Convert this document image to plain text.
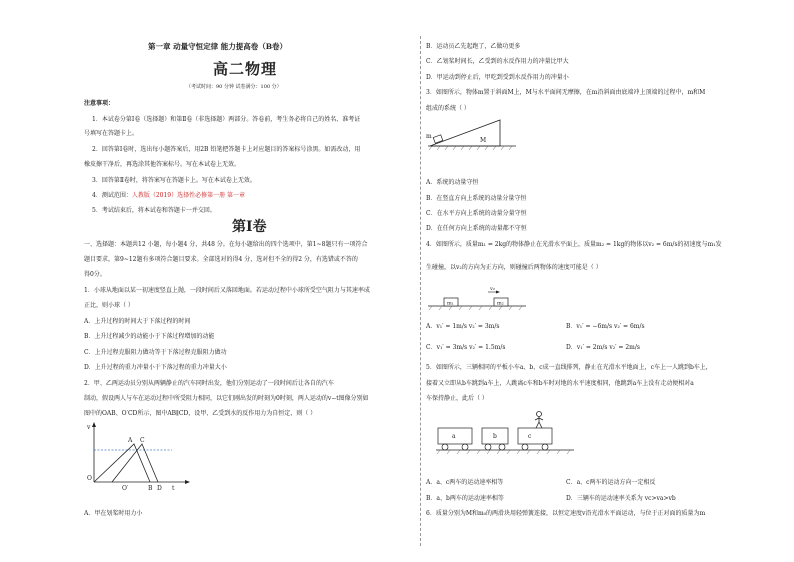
第一章 动量守恒定律 能力提高卷（B卷）
高二物理
（考试时间：90 分钟 试卷满分：100 分）
注意事项：
1．本试卷分第Ⅰ卷（选择题）和第Ⅱ卷（非选择题）两部分。答卷前，考生务必将自己的姓名、准考证
号填写在答题卡上。
2．回答第Ⅰ卷时，选出每小题答案后，用2B 铅笔把答题卡上对应题目的答案标号涂黑。如需改动，用
橡皮擦干净后，再选涂其他答案标号。写在本试卷上无效。
3．回答第Ⅱ卷时，将答案写在答题卡上。写在本试卷上无效。
4．测试范围：人教版（2019）选择性必修第一册 第一章
5．考试结束后，将本试卷和答题卡一并交回。
第Ⅰ卷
一、选择题：本题共12 小题，每小题4 分，共48 分。在每小题给出的四个选项中，第1~8题只有一项符合
题目要求，第9~12题有多项符合题目要求。全部选对的得4 分，选对但不全的得2 分，有选错或不答的
得0分。
1．小球从地面以某一初速度竖直上抛，一段时间后又落回地面。若运动过程中小球所受空气阻力与其速率成
正比，则小球（ ）
A．上升过程的时间大于下落过程的时间
B．上升过程减少的动能小于下落过程增加的动能
C．上升过程克服阻力做功等于下落过程克服阻力做功
D．上升过程的重力冲量小于下落过程的重力冲量大小
2．甲、乙两运动员分别从两辆静止的汽车同时出发，他们分别运动了一段时间后让各自的汽车
制动，假设两人与车在运动过程中所受阻力相同，以它们刚出发的时刻为0时刻，两人运动的v−t图像分别如
图中的OAB、O′CD所示，图中AB∥CD，设甲、乙受到水的反作用力为自恒定，则（ ）
v
A C
O
O′	B D t
A．甲在划桨时用力小
B．运动员乙先起跑了，乙做功更多
C．乙划桨时间长，乙受到的水反作用力的冲量比甲大
D．甲运动到停止后，甲吃到受到水反作用力的冲量小
3．如图所示，物体m置于斜面M上，M与水平面间无摩擦，在m沿斜面由底端冲上顶端的过程中，m和M
组成的系统（ ）
m
M
A．系统的动量守恒
B．在竖直方向上系统的动量分量守恒
C．在水平方向上系统的动量分量守恒
D．在任何方向上系统的动量都不守恒
4．如图所示，质量m₁ = 2kg的物体静止在光滑水平面上，质量m₂ = 1kg的物体以v₂ = 6m/s的初速度与m₁发
生碰撞，以v₂的方向为正方向，则碰撞后两物体的速度可能是（ ）
m₁	m₂
v₂
A．v₁′ = 1m/s v₂′ = 3m/s	B．v₁′ = −6m/s v₂′ = 6m/s
C．v₁′ = 3m/s v₂′ = 1.5m/s	D．v₁′ = 2m/s v₂′ = 2m/s
5．如图所示，三辆相同的平板小车a、b、c成一直线排列，静止在光滑水平地面上，c车上一人跳到b车上，
接着又立即从b车跳到a车上，人跳离c车和b车时对地的水平速度相同，他跳到a车上没有走动便相对a
车保持静止，此后（ ）
a	b	c
A．a、c两车的运动速率相等	C．a、c两车的运动方向一定相反
B．a、b两车的运动速率相等	D．三辆车的运动速率关系为 vc>va>vb
6．质量分别为M和m₀的两滑块用轻弹簧连接，以恒定速度v沿光滑水平面运动，与位于正对面的质量为m
